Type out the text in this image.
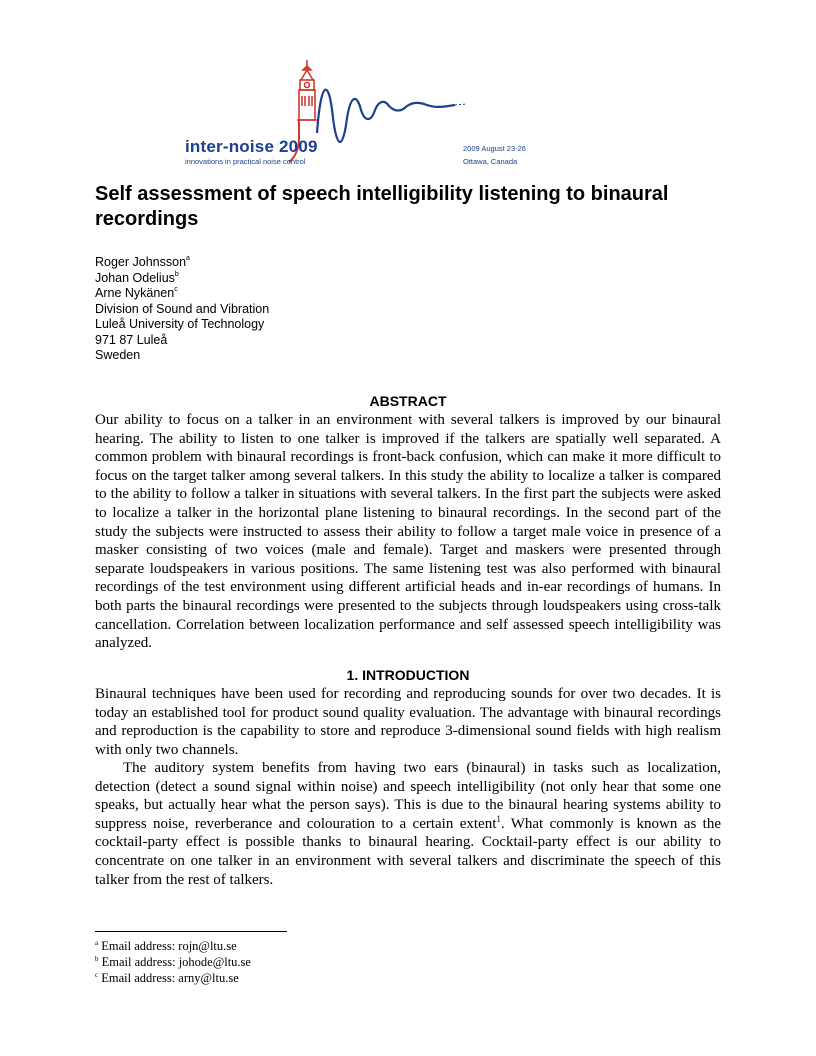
inter-noise 2009
innovations in practical noise control
2009 August 23-26
Ottawa, Canada
Self assessment of speech intelligibility listening to binaural recordings
Roger Johnsson$^a$
Johan Odelius$^b$
Arne Nykänen$^c$
Division of Sound and Vibration
Luleå University of Technology
971 87 Luleå
Sweden
ABSTRACT

Our ability to focus on a talker in an environment with several talkers is improved by our binaural hearing. The ability to listen to one talker is improved if the talkers are spatially well separated. A common problem with binaural recordings is front-back confusion, which can make it more difficult to focus on the target talker among several talkers. In this study the ability to localize a talker is compared to the ability to follow a talker in situations with several talkers. In the first part the subjects were asked to localize a talker in the horizontal plane listening to binaural recordings. In the second part of the study the subjects were instructed to assess their ability to follow a target male voice in presence of a masker consisting of two voices (male and female). Target and maskers were presented through separate loudspeakers in various positions. The same listening test was also performed with binaural recordings of the test environment using different artificial heads and in-ear recordings of humans. In both parts the binaural recordings were presented to the subjects through loudspeakers using cross-talk cancellation. Correlation between localization performance and self assessed speech intelligibility was analyzed.

1. INTRODUCTION

Binaural techniques have been used for recording and reproducing sounds for over two decades. It is today an established tool for product sound quality evaluation. The advantage with binaural recordings and reproduction is the capability to store and reproduce 3-dimensional sound fields with high realism with only two channels.

The auditory system benefits from having two ears (binaural) in tasks such as localization, detection (detect a sound signal within noise) and speech intelligibility (not only hear that some one speaks, but actually hear what the person says). This is due to the binaural hearing systems ability to suppress noise, reverberance and colouration to a certain extent$^1$. What commonly is known as the cocktail-party effect is possible thanks to binaural hearing. Cocktail-party effect is our ability to concentrate on one talker in an environment with several talkers and discriminate the speech of this talker from the rest of talkers.

$^a$ Email address: rojn@ltu.se
$^b$ Email address: johode@ltu.se
$^c$ Email address: arny@ltu.se
